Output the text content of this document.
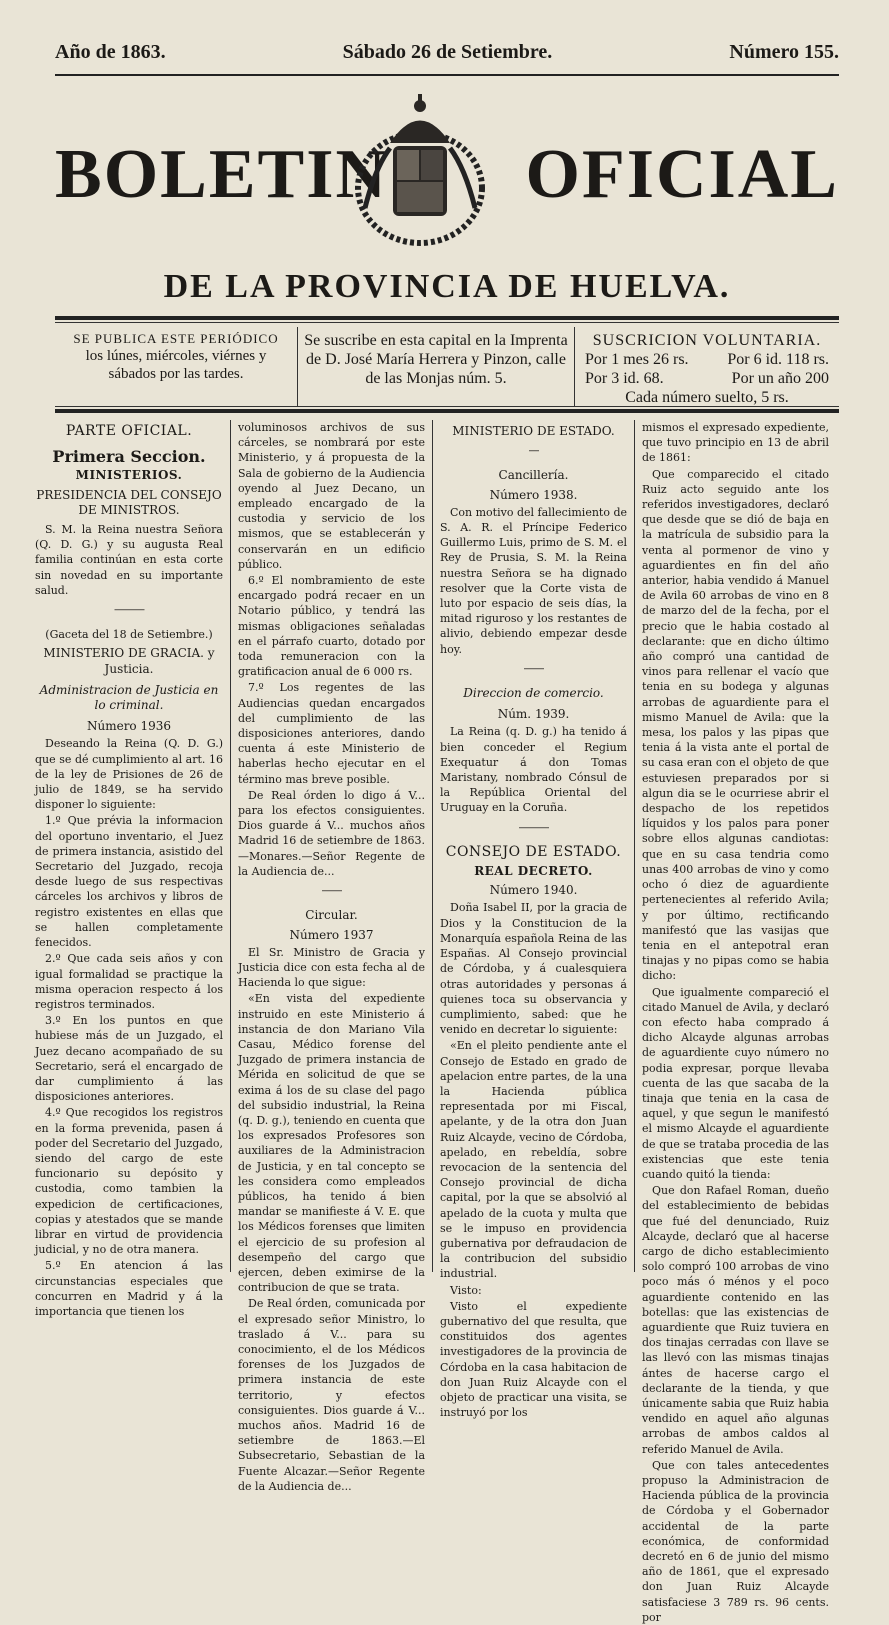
Año de 1863.	Sábado 26 de Setiembre.	Número 155.
BOLETIN OFICIAL
DE LA PROVINCIA DE HUELVA.
SE PUBLICA ESTE PERIÓDICO
los lúnes, miércoles, viérnes y sábados por las tardes.
Se suscribe en esta capital en la Imprenta de D. José María Herrera y Pinzon, calle de las Monjas núm. 5.
SUSCRICION VOLUNTARIA.
Por 1 mes 26 rs. Por 6 id. 118 rs.
Por 3 id. 68.	Por un año 200
Cada número suelto, 5 rs.
PARTE OFICIAL.
Primera Seccion.
MINISTERIOS.
PRESIDENCIA DEL CONSEJO DE MINISTROS.

S. M. la Reina nuestra Señora (Q. D. G.) y su augusta Real familia continúan en esta corte sin novedad en su importante salud.

———

(Gaceta del 18 de Setiembre.)

MINISTERIO DE GRACIA. y Justicia.
Administracion de Justicia en lo criminal.
Número 1936

Deseando la Reina (Q. D. G.) que se dé cumplimiento al art. 16 de la ley de Prisiones de 26 de julio de 1849, se ha servido disponer lo siguiente:

1.º Que prévia la informacion del oportuno inventario, el Juez de primera instancia, asistido del Secretario del Juzgado, recoja desde luego de sus respectivas cárceles los archivos y libros de registro existentes en ellas que se hallen completamente fenecidos.

2.º Que cada seis años y con igual formalidad se practique la misma operacion respecto á los registros terminados.

3.º En los puntos en que hubiese más de un Juzgado, el Juez decano acompañado de su Secretario, será el encargado de dar cumplimiento á las disposiciones anteriores.

4.º Que recogidos los registros en la forma prevenida, pasen á poder del Secretario del Juzgado, siendo del cargo de este funcionario su depósito y custodia, como tambien la expedicion de certificaciones, copias y atestados que se mande librar en virtud de providencia judicial, y no de otra manera.

5.º En atencion á las circunstancias especiales que concurren en Madrid y á la importancia que tienen los

voluminosos archivos de sus cárceles, se nombrará por este Ministerio, y á propuesta de la Sala de gobierno de la Audiencia oyendo al Juez Decano, un empleado encargado de la custodia y servicio de los mismos, que se establecerán y conservarán en un edificio público.

6.º El nombramiento de este encargado podrá recaer en un Notario público, y tendrá las mismas obligaciones señaladas en el párrafo cuarto, dotado por toda remuneracion con la gratificacion anual de 6 000 rs.

7.º Los regentes de las Audiencias quedan encargados del cumplimiento de las disposiciones anteriores, dando cuenta á este Ministerio de haberlas hecho ejecutar en el término mas breve posible.

De Real órden lo digo á V... para los efectos consiguientes. Dios guarde á V... muchos años Madrid 16 de setiembre de 1863.—Monares.—Señor Regente de la Audiencia de...

——
Circular.
Número 1937

El Sr. Ministro de Gracia y Justicia dice con esta fecha al de Hacienda lo que sigue:

«En vista del expediente instruido en este Ministerio á instancia de don Mariano Vila Casau, Médico forense del Juzgado de primera instancia de Mérida en solicitud de que se exima á los de su clase del pago del subsidio industrial, la Reina (q. D. g.), teniendo en cuenta que los expresados Profesores son auxiliares de la Administracion de Justicia, y en tal concepto se les considera como empleados públicos, ha tenido á bien mandar se manifieste á V. E. que los Médicos forenses que limiten el ejercicio de su profesion al desempeño del cargo que ejercen, deben eximirse de la contribucion de que se trata.

De Real órden, comunicada por el expresado señor Ministro, lo traslado á V... para su conocimiento, el de los Médicos forenses de los Juzgados de primera instancia de este territorio, y efectos consiguientes. Dios guarde á V... muchos años. Madrid 16 de setiembre de 1863.—El Subsecretario, Sebastian de la Fuente Alcazar.—Señor Regente de la Audiencia de...

MINISTERIO DE ESTADO.
—
Cancillería.
Número 1938.

Con motivo del fallecimiento de S. A. R. el Príncipe Federico Guillermo Luis, primo de S. M. el Rey de Prusia, S. M. la Reina nuestra Señora se ha dignado resolver que la Corte vista de luto por espacio de seis días, la mitad riguroso y los restantes de alivio, debiendo empezar desde hoy.

——
Direccion de comercio.
Núm. 1939.

La Reina (q. D. g.) ha tenido á bien conceder el Regium Exequatur á don Tomas Maristany, nombrado Cónsul de la República Oriental del Uruguay en la Coruña.

———
CONSEJO DE ESTADO.
REAL DECRETO.
Número 1940.

Doña Isabel II, por la gracia de Dios y la Constitucion de la Monarquía española Reina de las Españas. Al Consejo provincial de Córdoba, y á cualesquiera otras autoridades y personas á quienes toca su observancia y cumplimiento, sabed: que he venido en decretar lo siguiente:

«En el pleito pendiente ante el Consejo de Estado en grado de apelacion entre partes, de la una la Hacienda pública representada por mi Fiscal, apelante, y de la otra don Juan Ruiz Alcayde, vecino de Córdoba, apelado, en rebeldía, sobre revocacion de la sentencia del Consejo provincial de dicha capital, por la que se absolvió al apelado de la cuota y multa que se le impuso en providencia gubernativa por defraudacion de la contribucion del subsidio industrial.

Visto:

Visto el expediente gubernativo del que resulta, que constituidos dos agentes investigadores de la provincia de Córdoba en la casa habitacion de don Juan Ruiz Alcayde con el objeto de practicar una visita, se instruyó por los

mismos el expresado expediente, que tuvo principio en 13 de abril de 1861:

Que comparecido el citado Ruiz acto seguido ante los referidos investigadores, declaró que desde que se dió de baja en la matrícula de subsidio para la venta al pormenor de vino y aguardientes en fin del año anterior, habia vendido á Manuel de Avila 60 arrobas de vino en 8 de marzo del de la fecha, por el precio que le habia costado al declarante: que en dicho último año compró una cantidad de vinos para rellenar el vacío que tenia en su bodega y algunas arrobas de aguardiente para el mismo Manuel de Avila: que la mesa, los palos y las pipas que tenia á la vista ante el portal de su casa eran con el objeto de que estuviesen preparados por si algun dia se le ocurriese abrir el despacho de los repetidos líquidos y los palos para poner sobre ellos algunas candiotas: que en su casa tendria como unas 400 arrobas de vino y como ocho ó diez de aguardiente pertenecientes al referido Avila; y por último, rectificando manifestó que las vasijas que tenia en el antepotral eran tinajas y no pipas como se habia dicho:

Que igualmente compareció el citado Manuel de Avila, y declaró con efecto haba comprado á dicho Alcayde algunas arrobas de aguardiente cuyo número no podia expresar, porque llevaba cuenta de las que sacaba de la tinaja que tenia en la casa de aquel, y que segun le manifestó el mismo Alcayde el aguardiente de que se trataba procedia de las existencias que este tenia cuando quitó la tienda:

Que don Rafael Roman, dueño del establecimiento de bebidas que fué del denunciado, Ruiz Alcayde, declaró que al hacerse cargo de dicho establecimiento solo compró 100 arrobas de vino poco más ó ménos y el poco aguardiente contenido en las botellas: que las existencias de aguardiente que Ruiz tuviera en dos tinajas cerradas con llave se las llevó con las mismas tinajas ántes de hacerse cargo el declarante de la tienda, y que únicamente sabia que Ruiz habia vendido en aquel año algunas arrobas de ambos caldos al referido Manuel de Avila.

Que con tales antecedentes propuso la Administracion de Hacienda pública de la provincia de Córdoba y el Gobernador accidental de la parte económica, de conformidad decretó en 6 de junio del mismo año de 1861, que el expresado don Juan Ruiz Alcayde satisfaciese 3 789 rs. 96 cents. por
